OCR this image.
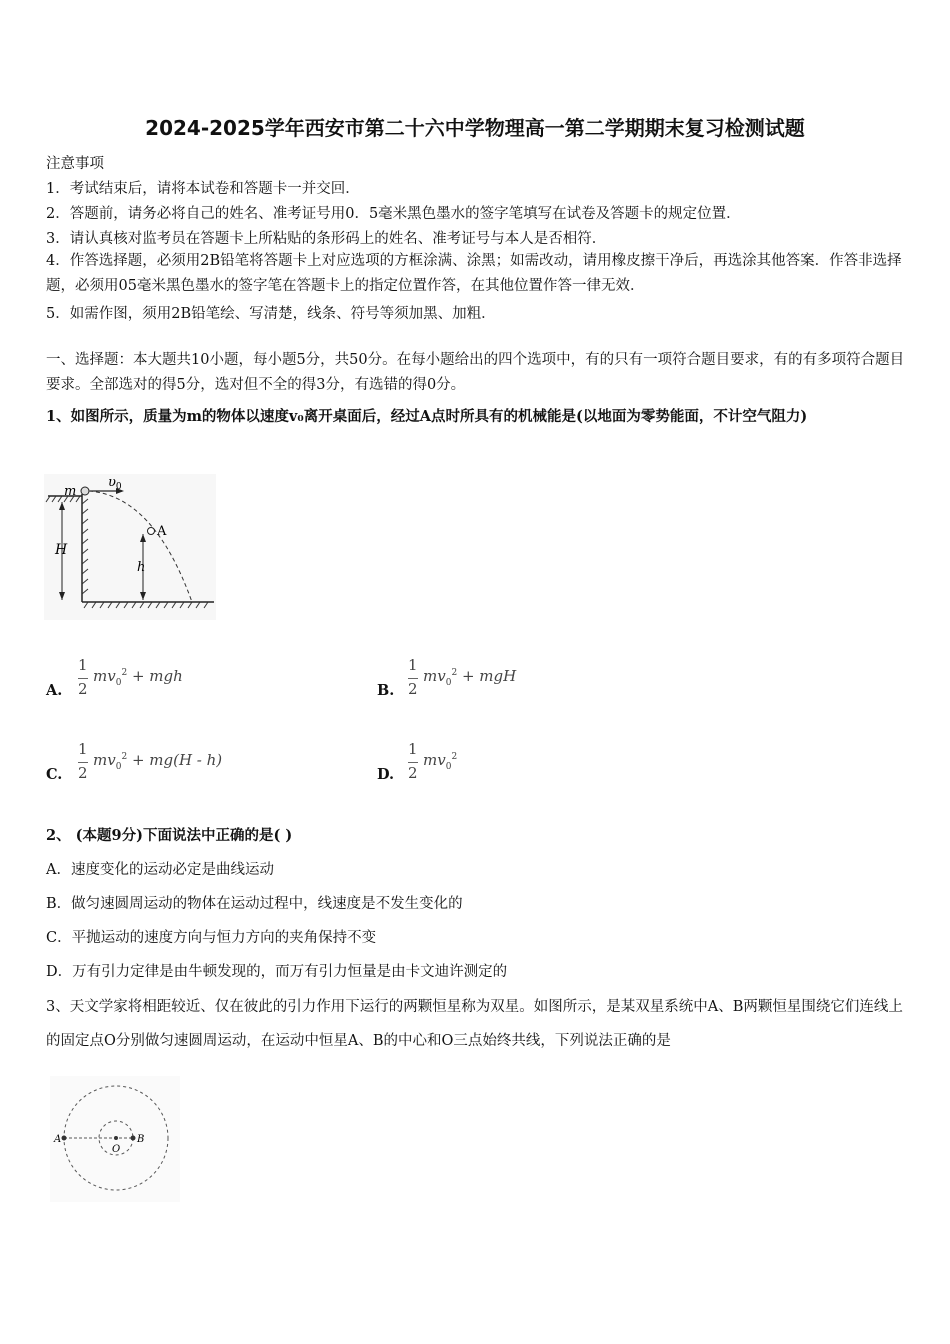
2024-2025学年西安市第二十六中学物理高一第二学期期末复习检测试题
注意事项
1．考试结束后，请将本试卷和答题卡一并交回．
2．答题前，请务必将自己的姓名、准考证号用0．5毫米黑色墨水的签字笔填写在试卷及答题卡的规定位置．
3．请认真核对监考员在答题卡上所粘贴的条形码上的姓名、准考证号与本人是否相符．
4．作答选择题，必须用2B铅笔将答题卡上对应选项的方框涂满、涂黑；如需改动，请用橡皮擦干净后，再选涂其他答案．作答非选择题，必须用05毫米黑色墨水的签字笔在答题卡上的指定位置作答，在其他位置作答一律无效．
5．如需作图，须用2B铅笔绘、写清楚，线条、符号等须加黑、加粗．
一、选择题：本大题共10小题，每小题5分，共50分。在每小题给出的四个选项中，有的只有一项符合题目要求，有的有多项符合题目要求。全部选对的得5分，选对但不全的得3分，有选错的得0分。
1、如图所示，质量为m的物体以速度v₀离开桌面后，经过A点时所具有的机械能是(以地面为零势能面，不计空气阻力)
H
m
$\upsilon_0$
A
h
A.
1
2
$mv_0^2$ + mgh
B.
1
2
$mv_0^2$ + mgH
C.
1
2
$mv_0^2 + mg(H - h)$
D.
1
2
$mv_0^2$
2、 (本题9分)下面说法中正确的是( )
A．速度变化的运动必定是曲线运动
B．做匀速圆周运动的物体在运动过程中，线速度是不发生变化的
C．平抛运动的速度方向与恒力方向的夹角保持不变
D．万有引力定律是由牛顿发现的，而万有引力恒量是由卡文迪许测定的
3、天文学家将相距较近、仅在彼此的引力作用下运行的两颗恒星称为双星。如图所示，是某双星系统中A、B两颗恒星围绕它们连线上的固定点O分别做匀速圆周运动，在运动中恒星A、B的中心和O三点始终共线，下列说法正确的是
A
O
B
